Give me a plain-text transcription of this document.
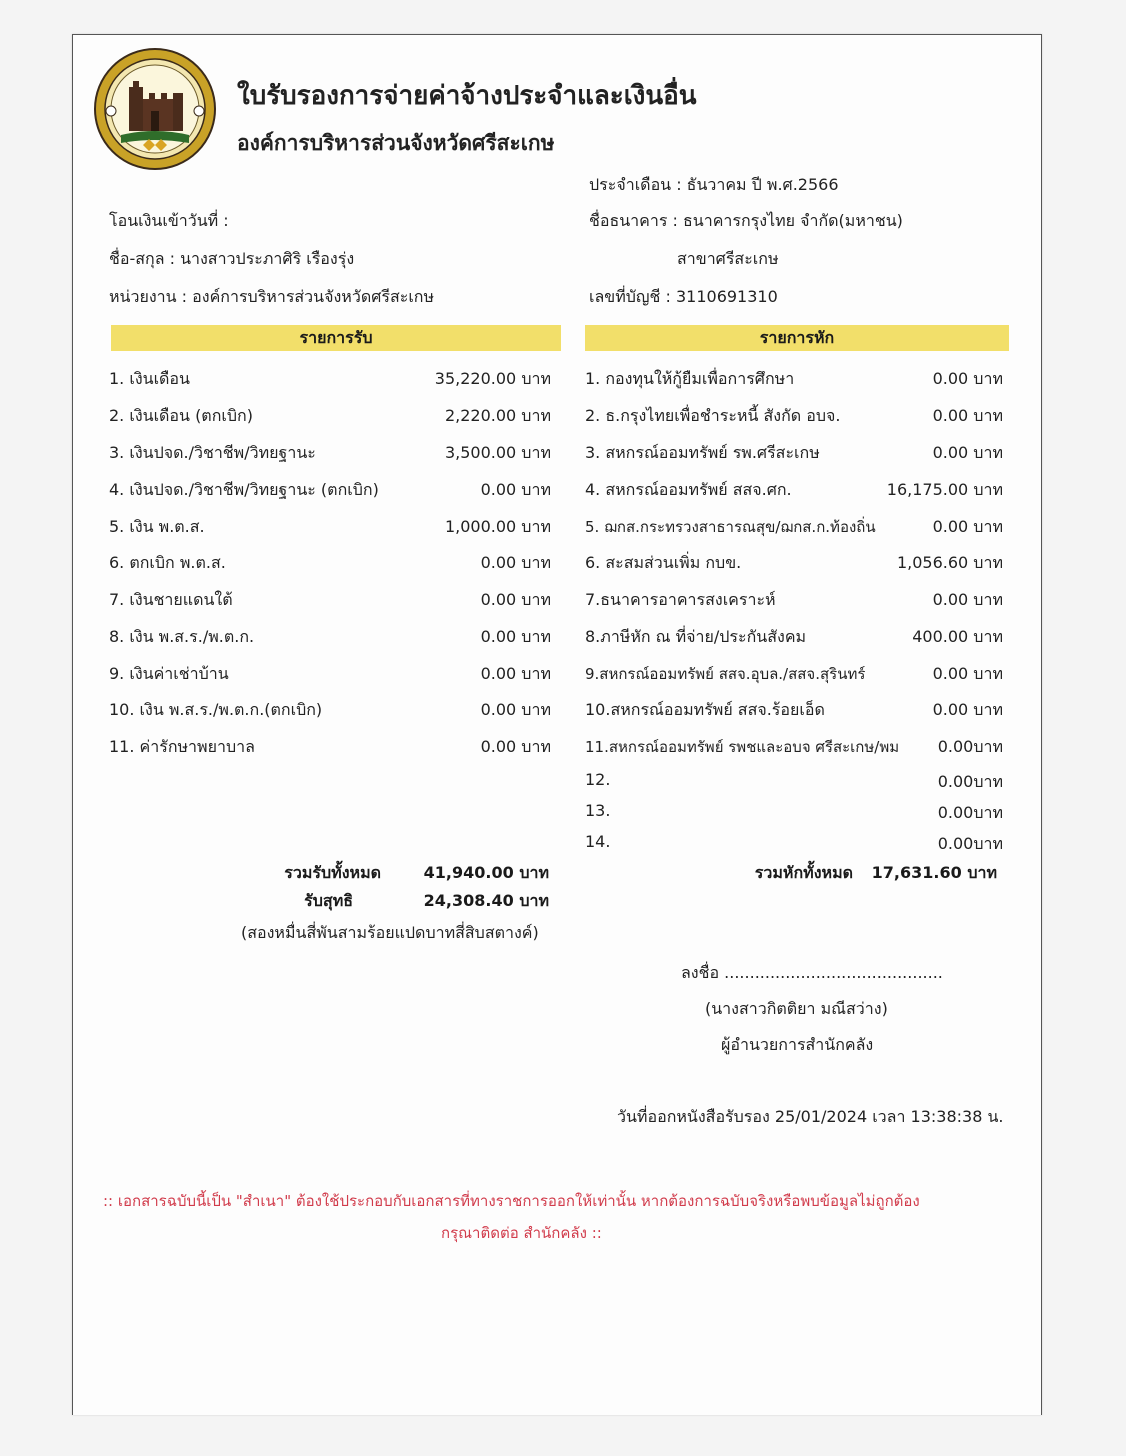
ใบรับรองการจ่ายค่าจ้างประจำและเงินอื่น
องค์การบริหารส่วนจังหวัดศรีสะเกษ
ประจำเดือน : ธันวาคม ปี พ.ศ.2566
โอนเงินเข้าวันที่ :	ชื่อธนาคาร : ธนาคารกรุงไทย จำกัด(มหาชน)
ชื่อ-สกุล : นางสาวประภาศิริ เรืองรุ่ง	สาขาศรีสะเกษ
หน่วยงาน : องค์การบริหารส่วนจังหวัดศรีสะเกษ	เลขที่บัญชี : 3110691310
รายการรับ	รายการหัก
1. เงินเดือน	35,220.00 บาท
2. เงินเดือน (ตกเบิก)	2,220.00 บาท
3. เงินปจด./วิชาชีพ/วิทยฐานะ	3,500.00 บาท
4. เงินปจด./วิชาชีพ/วิทยฐานะ (ตกเบิก)	0.00 บาท
5. เงิน พ.ต.ส.	1,000.00 บาท
6. ตกเบิก พ.ต.ส.	0.00 บาท
7. เงินชายแดนใต้	0.00 บาท
8. เงิน พ.ส.ร./พ.ต.ก.	0.00 บาท
9. เงินค่าเช่าบ้าน	0.00 บาท
10. เงิน พ.ส.ร./พ.ต.ก.(ตกเบิก)	0.00 บาท
11. ค่ารักษาพยาบาล	0.00 บาท
1. กองทุนให้กู้ยืมเพื่อการศึกษา	0.00 บาท
2. ธ.กรุงไทยเพื่อชำระหนี้ สังกัด อบจ.	0.00 บาท
3. สหกรณ์ออมทรัพย์ รพ.ศรีสะเกษ	0.00 บาท
4. สหกรณ์ออมทรัพย์ สสจ.ศก.	16,175.00 บาท
5. ฌกส.กระทรวงสาธารณสุข/ฌกส.ก.ท้องถิ่น	0.00 บาท
6. สะสมส่วนเพิ่ม กบข.	1,056.60 บาท
7.ธนาคารอาคารสงเคราะห์	0.00 บาท
8.ภาษีหัก ณ ที่จ่าย/ประกันสังคม	400.00 บาท
9.สหกรณ์ออมทรัพย์ สสจ.อุบล./สสจ.สุรินทร์	0.00 บาท
10.สหกรณ์ออมทรัพย์ สสจ.ร้อยเอ็ด	0.00 บาท
11.สหกรณ์ออมทรัพย์ รพชและอบจ ศรีสะเกษ/พม	0.00บาท
12.	0.00บาท
13.	0.00บาท
14.	0.00บาท
รวมรับทั้งหมด	41,940.00 บาท
รับสุทธิ	24,308.40 บาท
(สองหมื่นสี่พันสามร้อยแปดบาทสี่สิบสตางค์)
รวมหักทั้งหมด	17,631.60 บาท
ลงชื่อ ...........................................
(นางสาวกิตติยา มณีสว่าง)
ผู้อำนวยการสำนักคลัง
วันที่ออกหนังสือรับรอง 25/01/2024 เวลา 13:38:38 น.
:: เอกสารฉบับนี้เป็น "สำเนา" ต้องใช้ประกอบกับเอกสารที่ทางราชการออกให้เท่านั้น หากต้องการฉบับจริงหรือพบข้อมูลไม่ถูกต้อง
กรุณาติดต่อ สำนักคลัง ::
